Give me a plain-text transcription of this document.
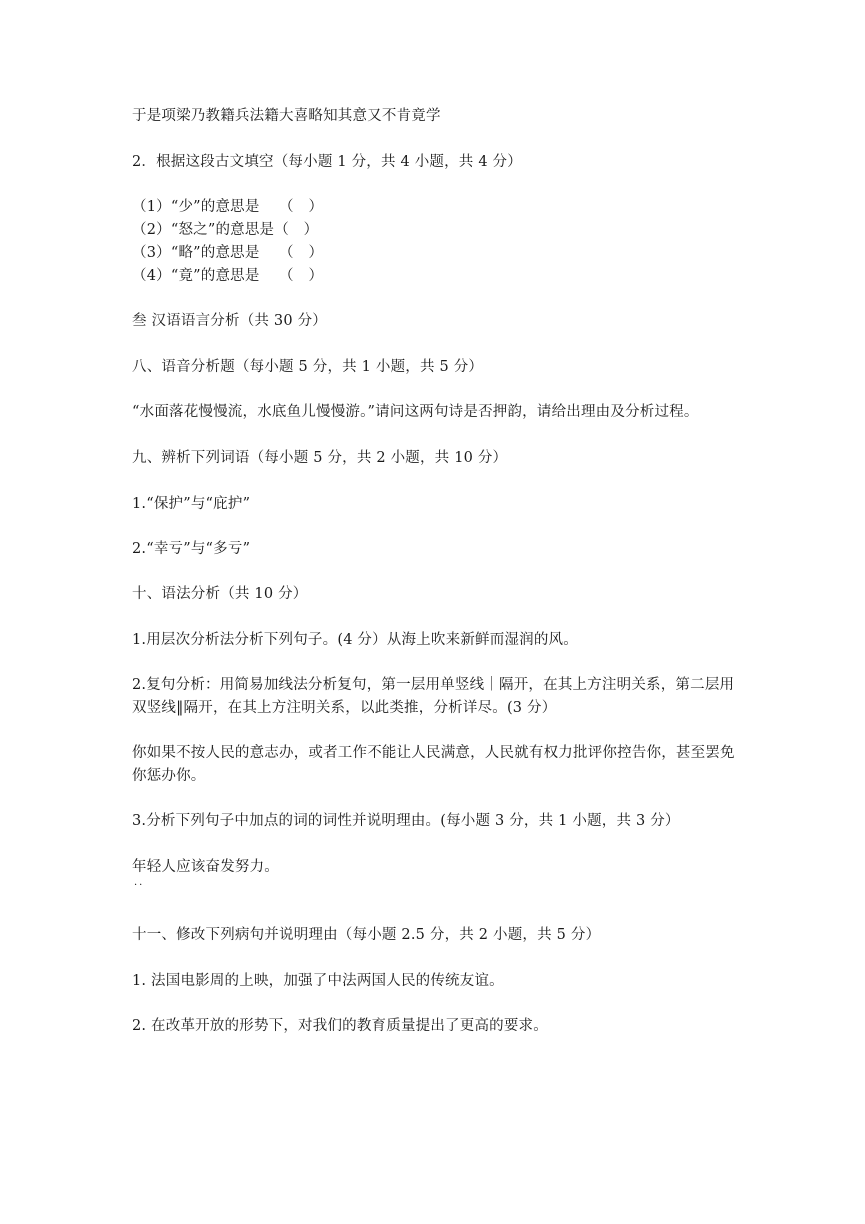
于是项梁乃教籍兵法籍大喜略知其意又不肯竟学
2．根据这段古文填空（每小题 1 分，共 4 小题，共 4 分）
（1）“少”的意思是　 （　）
（2）“怒之”的意思是（　）
（3）“略”的意思是　 （　）
（4）“竟”的意思是　 （　）
叁 汉语语言分析（共 30 分）
八、语音分析题（每小题 5 分，共 1 小题，共 5 分）
“水面落花慢慢流，水底鱼儿慢慢游。”请问这两句诗是否押韵，请给出理由及分析过程。
九、辨析下列词语（每小题 5 分，共 2 小题，共 10 分）
1.“保护”与“庇护”
2.“幸亏”与“多亏”
十、语法分析（共 10 分）
1.用层次分析法分析下列句子。(4 分）从海上吹来新鲜而湿润的风。
2.复句分析：用简易加线法分析复句，第一层用单竖线｜隔开，在其上方注明关系，第二层用双竖线‖隔开，在其上方注明关系，以此类推，分析详尽。(3 分）
你如果不按人民的意志办，或者工作不能让人民满意，人民就有权力批评你控告你，甚至罢免你惩办你。
3.分析下列句子中加点的词的词性并说明理由。(每小题 3 分，共 1 小题，共 3 分）
年轻人应该奋发努力。
··
十一、修改下列病句并说明理由（每小题 2.5 分，共 2 小题，共 5 分）
1. 法国电影周的上映，加强了中法两国人民的传统友谊。
2. 在改革开放的形势下，对我们的教育质量提出了更高的要求。
